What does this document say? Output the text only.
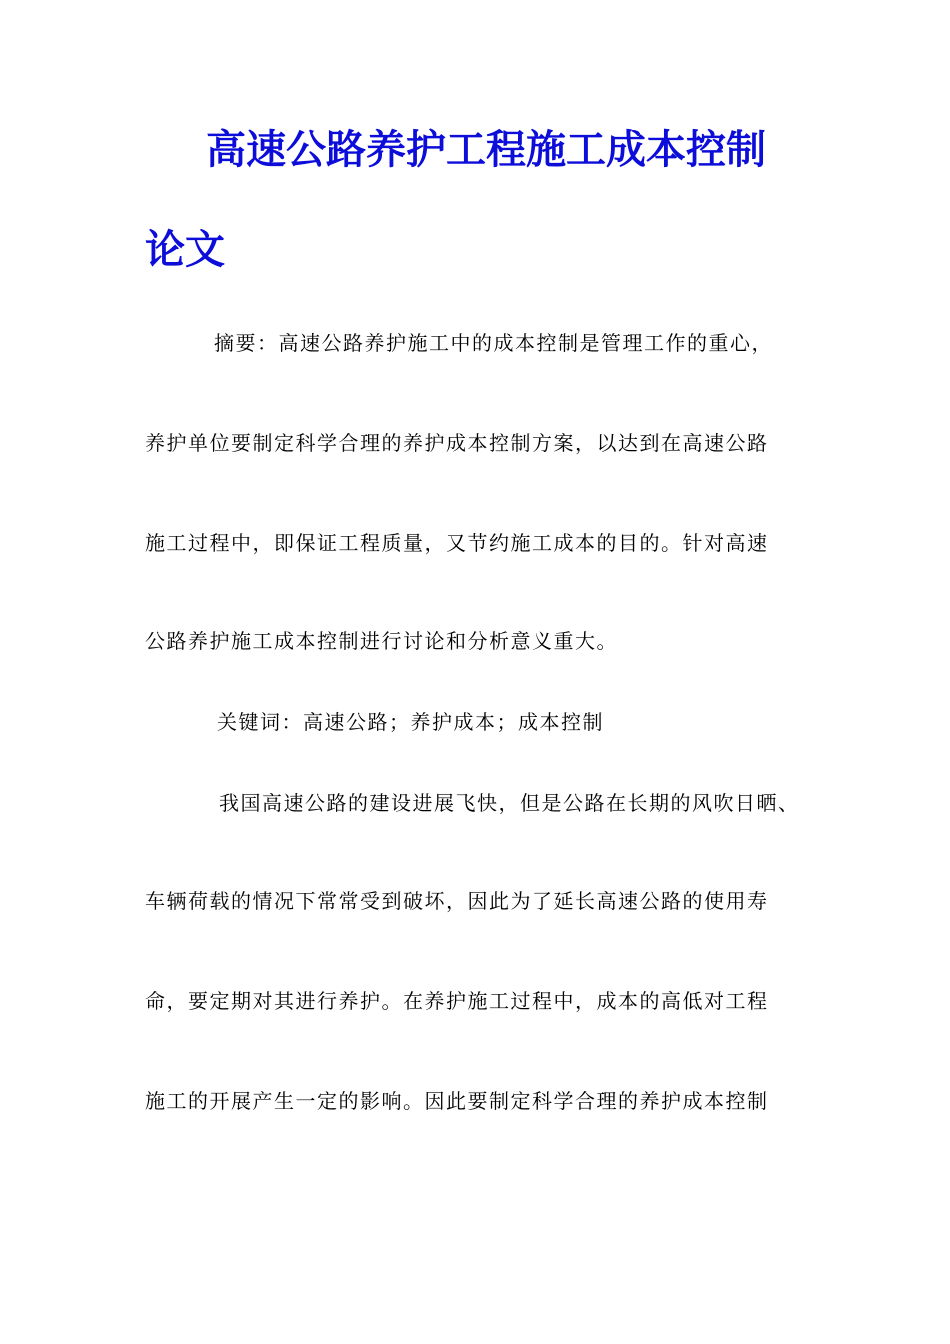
高速公路养护工程施工成本控制
论文
摘要：高速公路养护施工中的成本控制是管理工作的重心，
养护单位要制定科学合理的养护成本控制方案，以达到在高速公路
施工过程中，即保证工程质量，又节约施工成本的目的。针对高速
公路养护施工成本控制进行讨论和分析意义重大。
关键词：高速公路；养护成本；成本控制
我国高速公路的建设进展飞快，但是公路在长期的风吹日晒、
车辆荷载的情况下常常受到破坏，因此为了延长高速公路的使用寿
命，要定期对其进行养护。在养护施工过程中，成本的高低对工程
施工的开展产生一定的影响。因此要制定科学合理的养护成本控制
